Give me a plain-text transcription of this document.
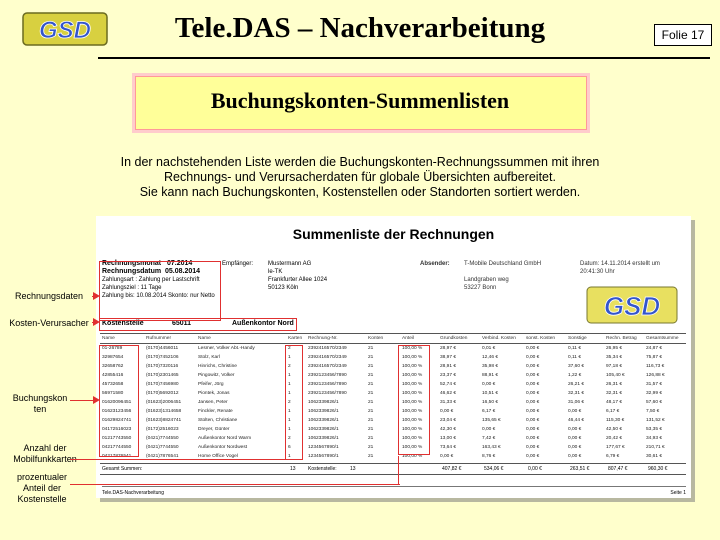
GSD	Tele.DAS – Nachverarbeitung	Folie 17
Buchungskonten-Summenlisten
In der nachstehenden Liste werden die Buchungskonten-Rechnungssummen mit ihren
Rechnungs- und Verursacherdaten für globale Übersichten aufbereitet.
Sie kann nach Buchungskonten, Kostenstellen oder Standorten sortiert werden.
Summenliste der Rechnungen
Rechnungsmonat 07.2014
Rechnungsdatum 05.08.2014
Zahlungsart : Zahlung per Lastschrift
Zahlungsziel : 11 Tage
Zahlung bis: 10.08.2014 Skonto: nur Netto
Empfänger: Mustermann AG
le-TK
Frankfurter Allee 1024
50123 Köln
Absender: T-Mobile Deutschland GmbH

Landgraben weg
53227 Bonn
Datum: 14.11.2014 erstellt um 20:41:30 Uhr
GSD
Kostenstelle	65011	Außenkontor Nord
Name	Rufnummer	Name	Karten	Rechnung-Nr.	Konten	Anteil	Grundkosten	Verbind. Kosten	sonst. Kosten	Sonstige	Rechn. Betrag	Gesamtsumme
01-26789	(0170)4456011	Lesmer, Volker Abt.-Handy	2	2392416570/2349	21	100,00 %	28,97 €	0,01 €	0,00 €	0,11 €	26,95 €	24,87 €
32987654	(0170)7452106	Stolz, Karl	1	2392416570/2349	21	100,00 %	38,97 €	12,46 €	0,00 €	0,11 €	35,34 €	75,87 €
32658762	(0170)7320116	Hinrichs, Christine	2	2392416570/2349	21	100,00 %	28,91 €	35,98 €	0,00 €	37,60 €	97,18 €	116,73 €
42855416	(0170)2301465	Pingowitz, Volker	1	2392123456/7890	21	100,00 %	23,37 €	88,91 €	0,00 €	1,22 €	105,40 €	126,88 €
45732658	(0170)7456980	Pfeifer, Jörg	1	2392123456/7890	21	100,00 %	52,74 €	0,00 €	0,00 €	26,21 €	26,31 €	31,57 €
56971580	(0170)5692012	Piontek, Jonas	1	2392123456/7890	21	100,00 %	46,62 €	10,51 €	0,00 €	32,31 €	32,31 €	32,99 €
01620096451	(01623)2006451	Jansen, Peter	2	1062339826/1	21	100,00 %	31,33 €	16,50 €	0,00 €	31,06 €	48,17 €	57,60 €
01623123456	(01623)1314658	Finckler, Renate	1	1062339826/1	21	100,00 %	0,00 €	6,17 €	0,00 €	0,00 €	6,17 €	7,50 €
01629824741	(01623)8824741	Stolten, Christiane	1	1062339826/1	21	100,00 %	23,04 €	135,65 €	0,00 €	46,44 €	115,30 €	131,52 €
04172516023	(0172)2516023	Dreyer, Günter	1	1062339826/1	21	100,00 %	42,30 €	0,00 €	0,00 €	0,00 €	42,50 €	53,35 €
01217743550	(0421)7744550	Außenkontor Nord Warm	2	1062339826/1	21	100,00 %	13,00 €	7,42 €	0,00 €	0,00 €	20,42 €	34,93 €
04217744550	(0421)7744550	Außenkontor Nordwest	6	1234567890/1	21	100,00 %	73,64 €	163,43 €	0,00 €	0,00 €	177,67 €	210,71 €
04217876541	(0421)7876541	Home Office Vogel	1	1234567890/1	21	100,00 %	0,00 €	8,76 €	0,00 €	0,00 €	6,79 €	30,61 €
Gesamt Summen:	13 Kostenstelle:	13	407,82 €	534,06 €	0,00 €	263,51 €	807,47 €	960,30 €
Tele.DAS-Nachverarbeitung	Seite 1
Rechnungsdaten
Kosten-Verursacher
Buchungskon ten
Anzahl der Mobilfunkkarten
prozentualer Anteil der Kostenstelle
